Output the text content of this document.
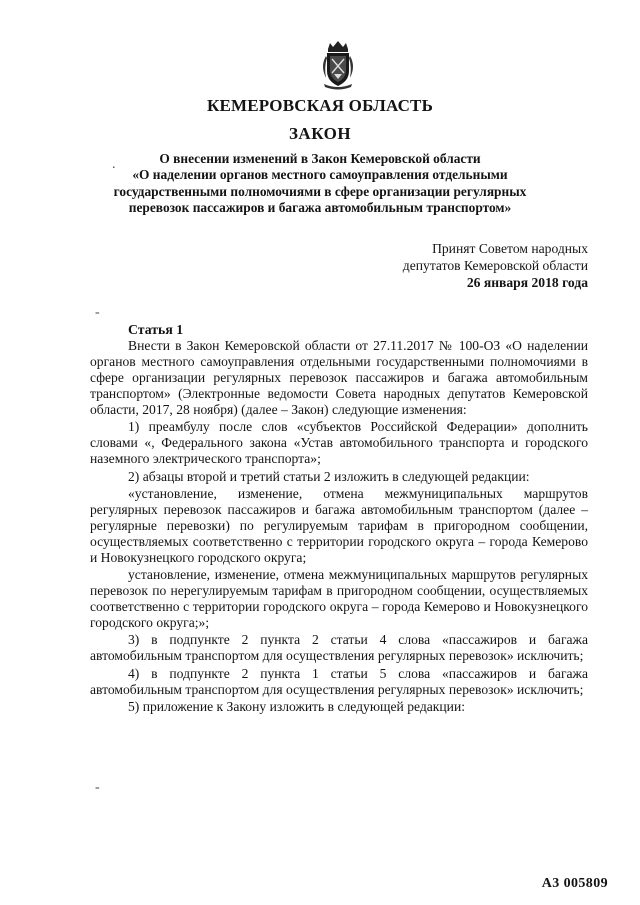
КЕМЕРОВСКАЯ ОБЛАСТЬ
ЗАКОН
О внесении изменений в Закон Кемеровской области
«О наделении органов местного самоуправления отдельными
государственными полномочиями в сфере организации регулярных
перевозок пассажиров и багажа автомобильным транспортом»
Принят Советом народных
депутатов Кемеровской области
26 января 2018 года
Статья 1

Внести в Закон Кемеровской области от 27.11.2017 № 100-ОЗ «О наделении органов местного самоуправления отдельными государственными полномочиями в сфере организации регулярных перевозок пассажиров и багажа автомобильным транспортом» (Электронные ведомости Совета народных депутатов Кемеровской области, 2017, 28 ноября) (далее – Закон) следующие изменения:

1) преамбулу после слов «субъектов Российской Федерации» дополнить словами «, Федерального закона «Устав автомобильного транспорта и городского наземного электрического транспорта»;

2) абзацы второй и третий статьи 2 изложить в следующей редакции:

«установление, изменение, отмена межмуниципальных маршрутов регулярных перевозок пассажиров и багажа автомобильным транспортом (далее – регулярные перевозки) по регулируемым тарифам в пригородном сообщении, осуществляемых соответственно с территории городского округа – города Кемерово и Новокузнецкого городского округа;

установление, изменение, отмена межмуниципальных маршрутов регулярных перевозок по нерегулируемым тарифам в пригородном сообщении, осуществляемых соответственно с территории городского округа – города Кемерово и Новокузнецкого городского округа;»;

3) в подпункте 2 пункта 2 статьи 4 слова «пассажиров и багажа автомобильным транспортом для осуществления регулярных перевозок» исключить;

4) в подпункте 2 пункта 1 статьи 5 слова «пассажиров и багажа автомобильным транспортом для осуществления регулярных перевозок» исключить;

5) приложение к Закону изложить в следующей редакции:

.
-
-
А3 005809
